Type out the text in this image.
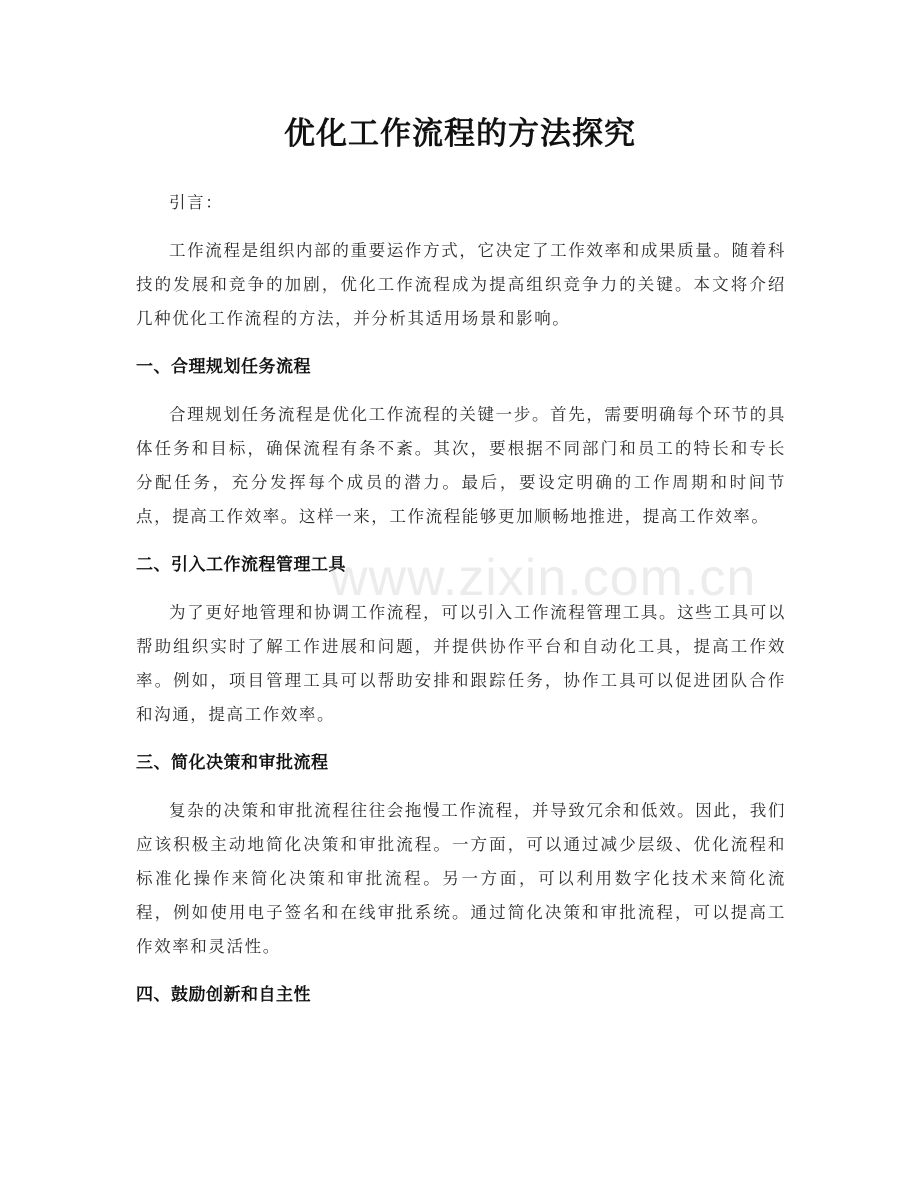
优化工作流程的方法探究

引言：

工作流程是组织内部的重要运作方式，它决定了工作效率和成果质量。随着科技的发展和竞争的加剧，优化工作流程成为提高组织竞争力的关键。本文将介绍几种优化工作流程的方法，并分析其适用场景和影响。

一、合理规划任务流程

合理规划任务流程是优化工作流程的关键一步。首先，需要明确每个环节的具体任务和目标，确保流程有条不紊。其次，要根据不同部门和员工的特长和专长分配任务，充分发挥每个成员的潜力。最后，要设定明确的工作周期和时间节点，提高工作效率。这样一来，工作流程能够更加顺畅地推进，提高工作效率。

二、引入工作流程管理工具

为了更好地管理和协调工作流程，可以引入工作流程管理工具。这些工具可以帮助组织实时了解工作进展和问题，并提供协作平台和自动化工具，提高工作效率。例如，项目管理工具可以帮助安排和跟踪任务，协作工具可以促进团队合作和沟通，提高工作效率。

三、简化决策和审批流程

复杂的决策和审批流程往往会拖慢工作流程，并导致冗余和低效。因此，我们应该积极主动地简化决策和审批流程。一方面，可以通过减少层级、优化流程和标准化操作来简化决策和审批流程。另一方面，可以利用数字化技术来简化流程，例如使用电子签名和在线审批系统。通过简化决策和审批流程，可以提高工作效率和灵活性。

四、鼓励创新和自主性
www.zixin.com.cn
